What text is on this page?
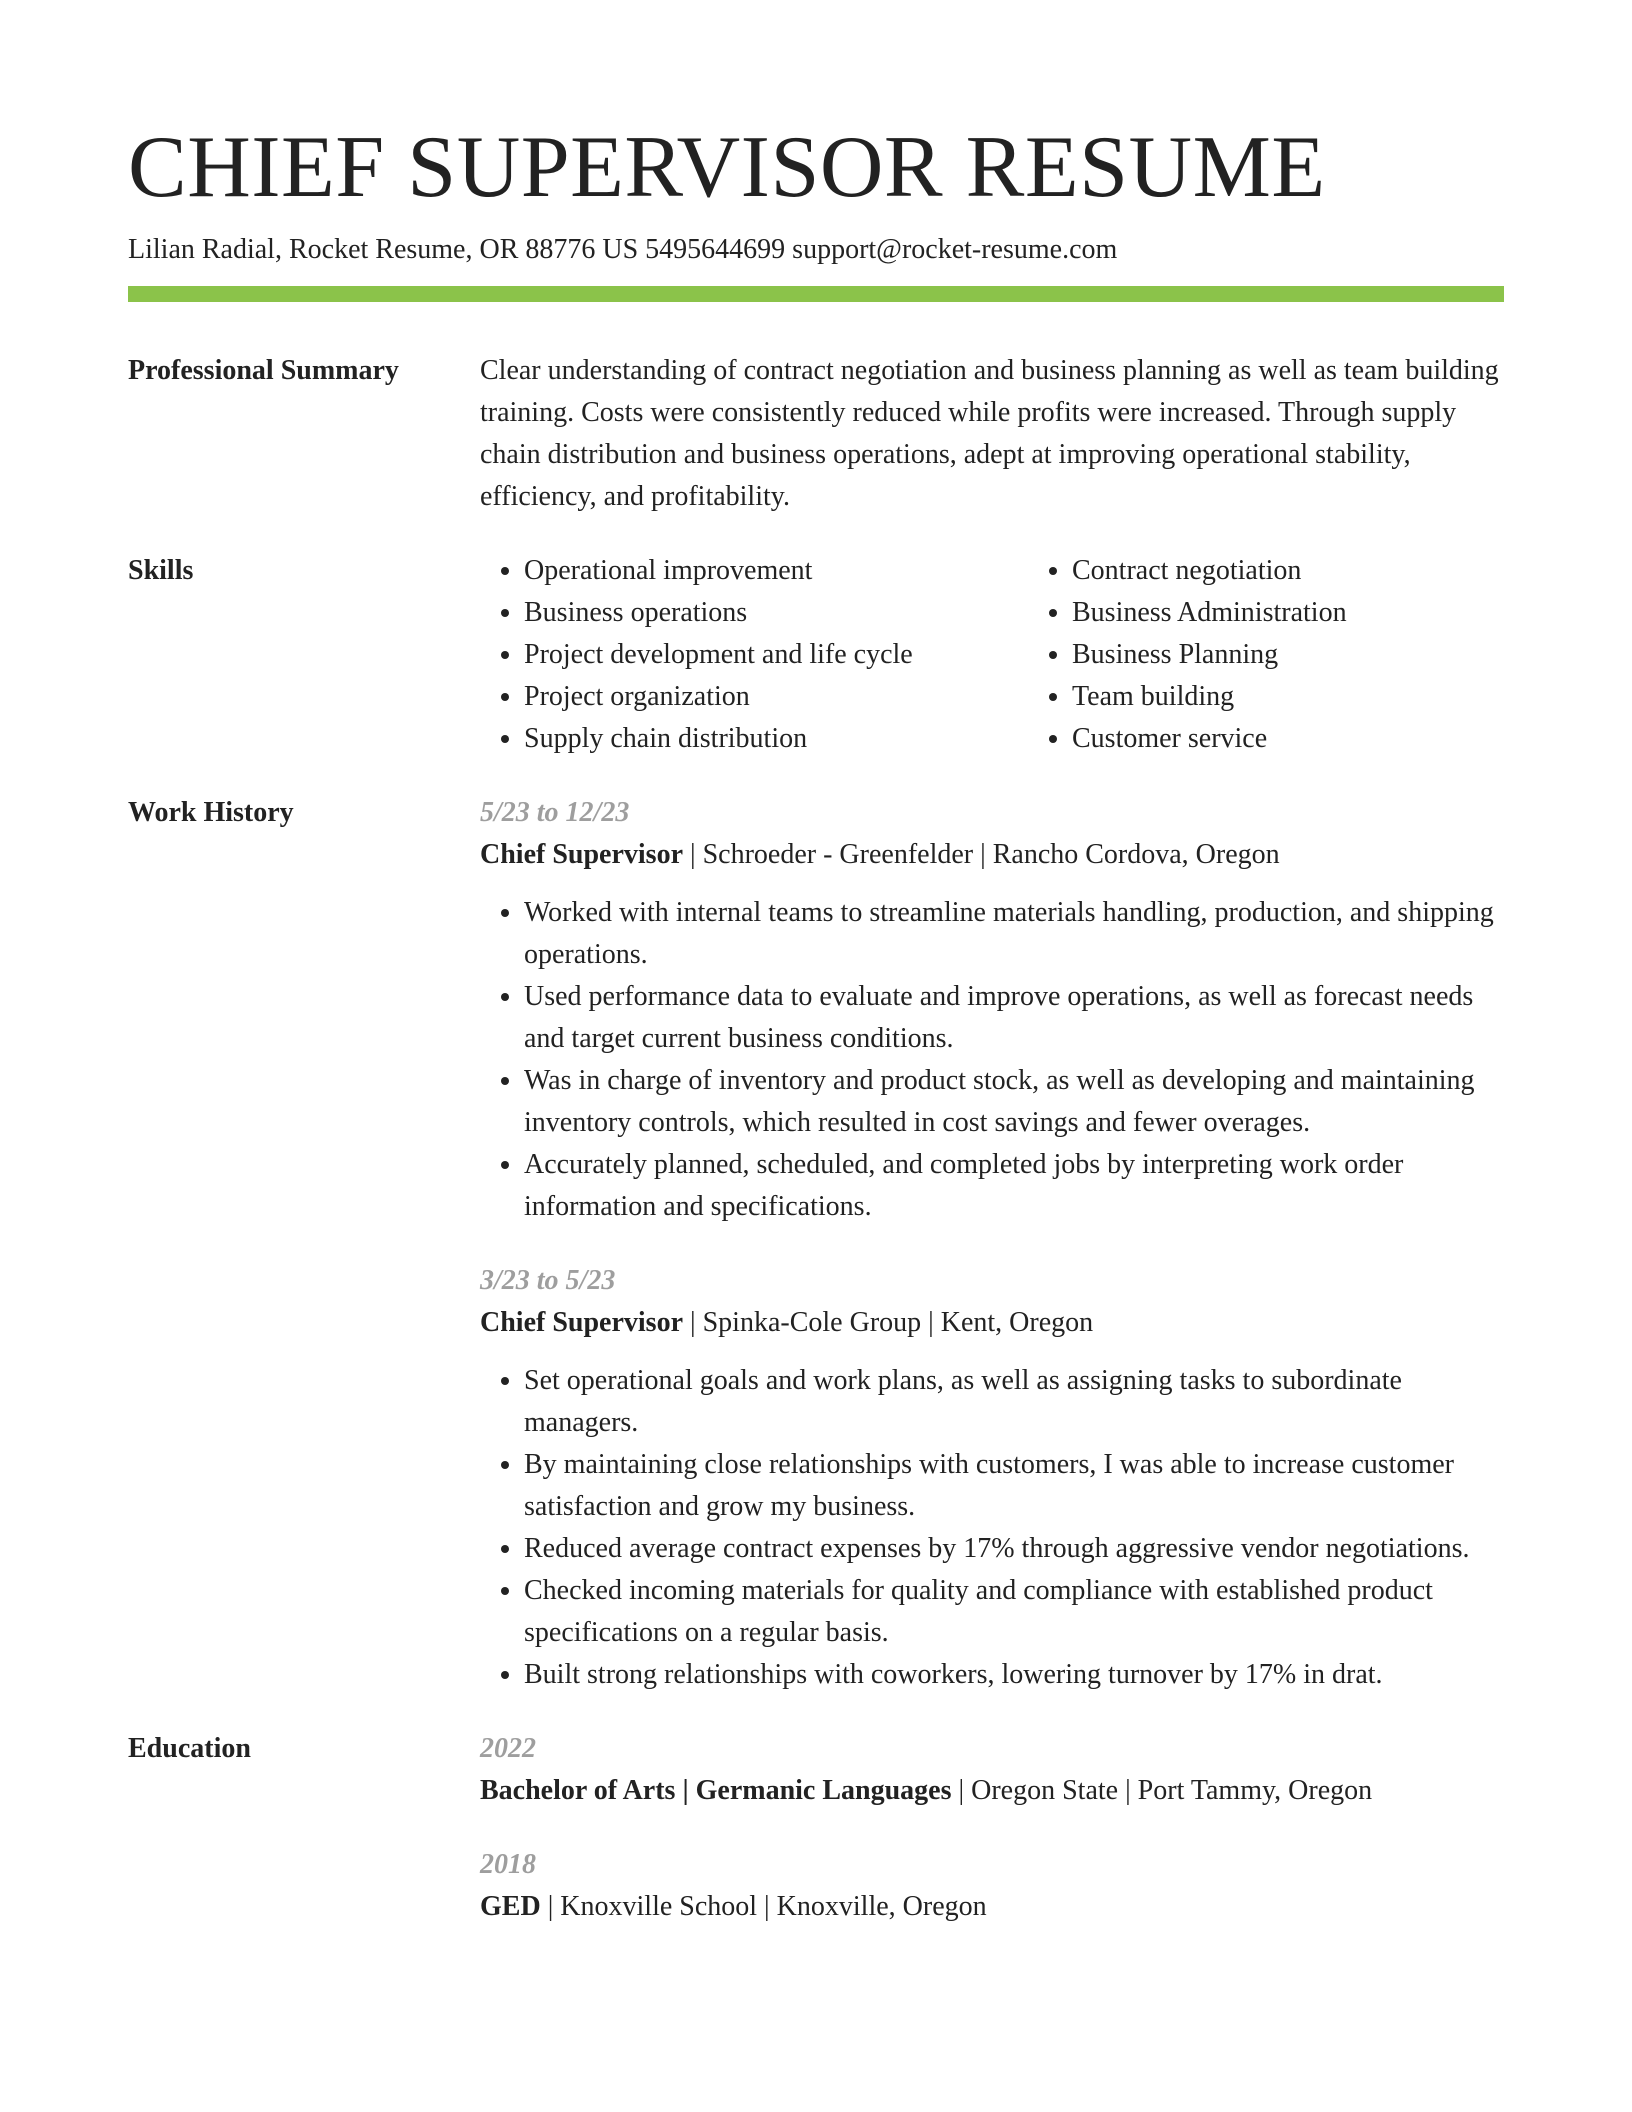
CHIEF SUPERVISOR RESUME
Lilian Radial, Rocket Resume, OR 88776 US 5495644699 support@rocket-resume.com
Professional Summary	Clear understanding of contract negotiation and business planning as well as team building training. Costs were consistently reduced while profits were increased. Through supply chain distribution and business operations, adept at improving operational stability, efficiency, and profitability.
Skills
•	Operational improvement
• Business operations
• Project development and life cycle
• Project organization
• Supply chain distribution
• Contract negotiation
• Business Administration
• Business Planning
• Team building
• Customer service
Work History	5/23 to 12/23
Chief Supervisor | Schroeder - Greenfelder | Rancho Cordova, Oregon
• Worked with internal teams to streamline materials handling, production, and shipping operations.
• Used performance data to evaluate and improve operations, as well as forecast needs and target current business conditions.
• Was in charge of inventory and product stock, as well as developing and maintaining inventory controls, which resulted in cost savings and fewer overages.
• Accurately planned, scheduled, and completed jobs by interpreting work order information and specifications.
3/23 to 5/23
Chief Supervisor | Spinka-Cole Group | Kent, Oregon
• Set operational goals and work plans, as well as assigning tasks to subordinate managers.
• By maintaining close relationships with customers, I was able to increase customer satisfaction and grow my business.
• Reduced average contract expenses by 17% through aggressive vendor negotiations.
• Checked incoming materials for quality and compliance with established product specifications on a regular basis.
• Built strong relationships with coworkers, lowering turnover by 17% in drat.
Education	2022
Bachelor of Arts | Germanic Languages | Oregon State | Port Tammy, Oregon
2018
GED | Knoxville School | Knoxville, Oregon
